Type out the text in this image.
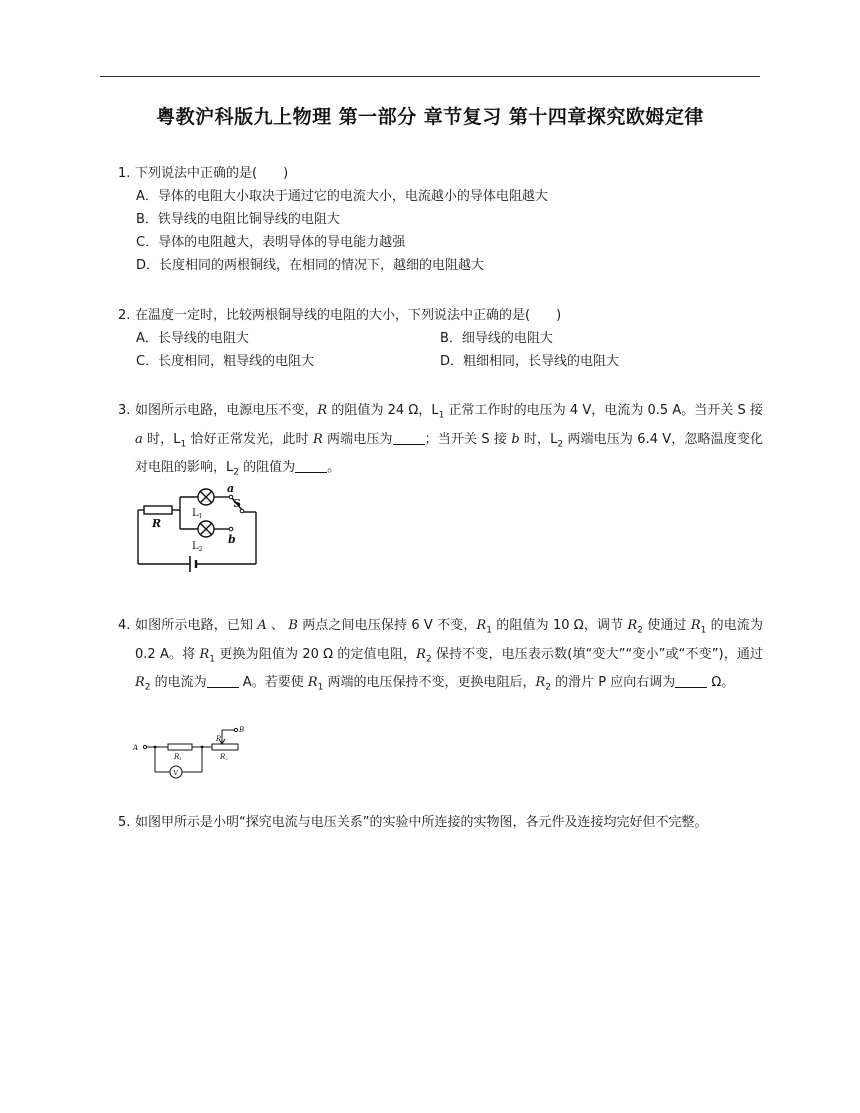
粤教沪科版九上物理 第一部分 章节复习 第十四章探究欧姆定律
1. 下列说法中正确的是(　　)
A．导体的电阻大小取决于通过它的电流大小，电流越小的导体电阻越大
B．铁导线的电阻比铜导线的电阻大
C．导体的电阻越大，表明导体的导电能力越强
D．长度相同的两根铜线，在相同的情况下，越细的电阻越大
2. 在温度一定时，比较两根铜导线的电阻的大小，下列说法中正确的是(　　)
A．长导线的电阻大	B．细导线的电阻大
C．长度相同，粗导线的电阻大	D．粗细相同，长导线的电阻大
3. 如图所示电路，电源电压不变，R 的阻值为 24 Ω，$L_1$ 正常工作时的电压为 4 V，电流为 0.5 A。当开关 S 接 a 时，$L_1$ 恰好正常发光，此时 R 两端电压为 ；当开关 S 接 b 时，$L_2$ 两端电压为 6.4 V，忽略温度变化对电阻的影响，$L_2$ 的阻值为 。
R
a
S
b
$L_1$
$L_2$
4. 如图所示电路，已知 A 、 B 两点之间电压保持 6 V 不变，$R_1$ 的阻值为 10 Ω，调节 $R_2$ 使通过 $R_1$ 的电流为 0.2 A。将 $R_1$ 更换为阻值为 20 Ω 的定值电阻，$R_2$ 保持不变，电压表示数(填“变大”“变小”或“不变”)，通过 $R_2$ 的电流为 A。若要使 $R_1$ 两端的电压保持不变，更换电阻后，$R_2$ 的滑片 P 应向右调为 Ω。
A
B
P
R1	R2
V
5. 如图甲所示是小明“探究电流与电压关系”的实验中所连接的实物图，各元件及连接均完好但不完整。
